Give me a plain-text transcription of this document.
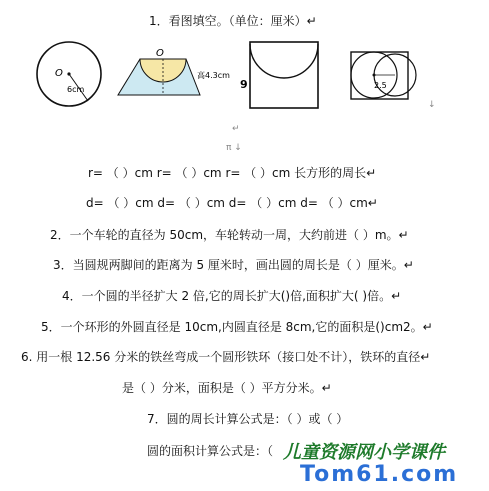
1．看图填空。（单位：厘米）↵
O
6cm
O
高4.3cm
9	2.5
↓
↵
π ↓
r= （ ）cm r= （ ）cm r= （ ）cm 长方形的周长↵
d= （ ）cm d= （ ）cm d= （ ）cm d= （ ）cm↵
2．一个车轮的直径为 50cm，车轮转动一周，大约前进（ ）m。↵
3．当圆规两脚间的距离为 5 厘米时，画出圆的周长是（ ）厘米。↵
4．一个圆的半径扩大 2 倍,它的周长扩大()倍,面积扩大( )倍。↵
5．一个环形的外圆直径是 10cm,内圆直径是 8cm,它的面积是()cm2。↵
6. 用一根 12.56 分米的铁丝弯成一个圆形铁环（接口处不计），铁环的直径↵
是（ ）分米，面积是（ ）平方分米。↵
7．圆的周长计算公式是：（ ）或（ ）
圆的面积计算公式是：（ 儿童资源网小学课件
Tom61.com
